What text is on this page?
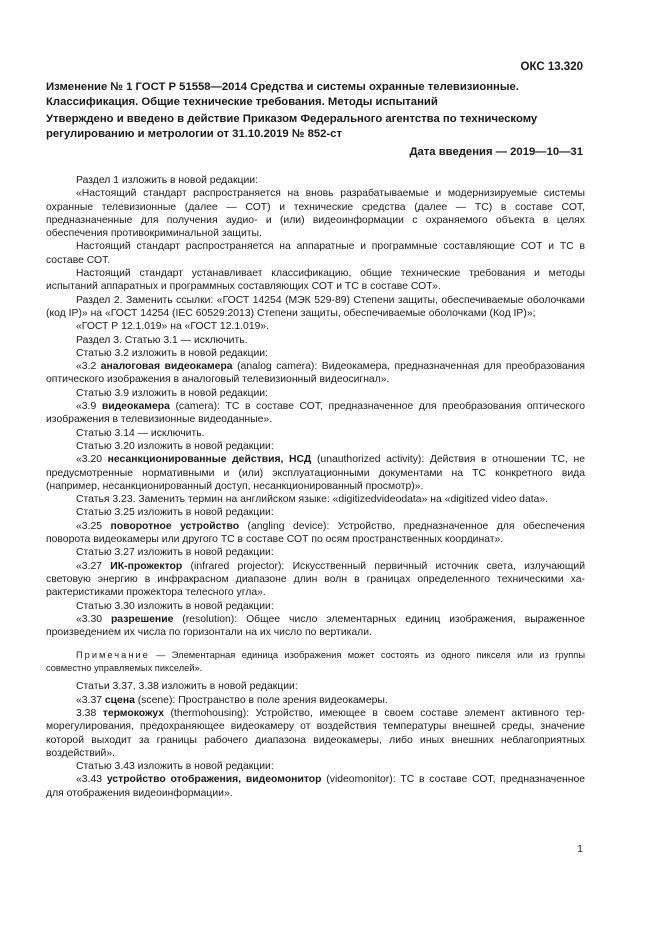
ОКС 13.320

Изменение № 1 ГОСТ Р 51558—2014 Средства и системы охранные телевизионные. Классификация. Общие технические требования. Методы испытаний

Утверждено и введено в действие Приказом Федерального агентства по техническому регулированию и метрологии от 31.10.2019 № 852-ст

Дата введения — 2019—10—31

Раздел 1 изложить в новой редакции:

«Настоящий стандарт распространяется на вновь разрабатываемые и модернизируемые системы охранные телевизионные (далее — СОТ) и технические средства (далее — ТС) в составе СОТ, предназначенные для получения аудио- и (или) видеоинформации с охраняемого объекта в целях обеспечения противокриминальной защиты.

Настоящий стандарт распространяется на аппаратные и программные составляющие СОТ и ТС в составе СОТ.

Настоящий стандарт устанавливает классификацию, общие технические требования и методы испытаний аппаратных и программных составляющих СОТ и ТС в составе СОТ».

Раздел 2. Заменить ссылки: «ГОСТ 14254 (МЭК 529-89) Степени защиты, обеспечиваемые оболочками (код IP)» на «ГОСТ 14254 (IEC 60529:2013) Степени защиты, обеспечиваемые оболочками (Код IP)»;

«ГОСТ Р 12.1.019» на «ГОСТ 12.1.019».

Раздел 3. Статью 3.1 — исключить.

Статью 3.2 изложить в новой редакции:

«3.2 аналоговая видеокамера (analog camera): Видеокамера, предназначенная для преобразования оптического изображения в аналоговый телевизионный видеосигнал».

Статью 3.9 изложить в новой редакции:

«3.9 видеокамера (camera): ТС в составе СОТ, предназначенное для преобразования оптического изображения в телевизионные видеоданные».

Статью 3.14 — исключить.

Статью 3.20 изложить в новой редакции:

«3.20 несанкционированные действия, НСД (unauthorized activity): Действия в отношении ТС, не предусмотренные нормативными и (или) эксплуатационными документами на ТС конкретного вида (например, несанкционированный доступ, несанкционированный просмотр)».

Статья 3.23. Заменить термин на английском языке: «digitizedvideodata» на «digitized video data».

Статью 3.25 изложить в новой редакции:

«3.25 поворотное устройство (angling device): Устройство, предназначенное для обеспечения поворота видеокамеры или другого ТС в составе СОТ по осям пространственных координат».

Статью 3.27 изложить в новой редакции:

«3.27 ИК-прожектор (infrared projector): Искусственный первичный источник света, излучающий световую энергию в инфракрасном диапазоне длин волн в границах определенного техническими характеристиками прожектора телесного угла».

Статью 3.30 изложить в новой редакции:

«3.30 разрешение (resolution): Общее число элементарных единиц изображения, выраженное произведением их числа по горизонтали на их число по вертикали.

Примечание — Элементарная единица изображения может состоять из одного пикселя или из группы совместно управляемых пикселей».

Статьи 3.37, 3.38 изложить в новой редакции:

«3.37 сцена (scene): Пространство в поле зрения видеокамеры.

3.38 термокожух (thermohousing): Устройство, имеющее в своем составе элемент активного терморегулирования, предохраняющее видеокамеру от воздействия температуры внешней среды, значение которой выходит за границы рабочего диапазона видеокамеры, либо иных внешних неблагоприятных воздействий».

Статью 3.43 изложить в новой редакции:

«3.43 устройство отображения, видеомонитор (videomonitor): ТС в составе СОТ, предназначенное для отображения видеоинформации».

1
